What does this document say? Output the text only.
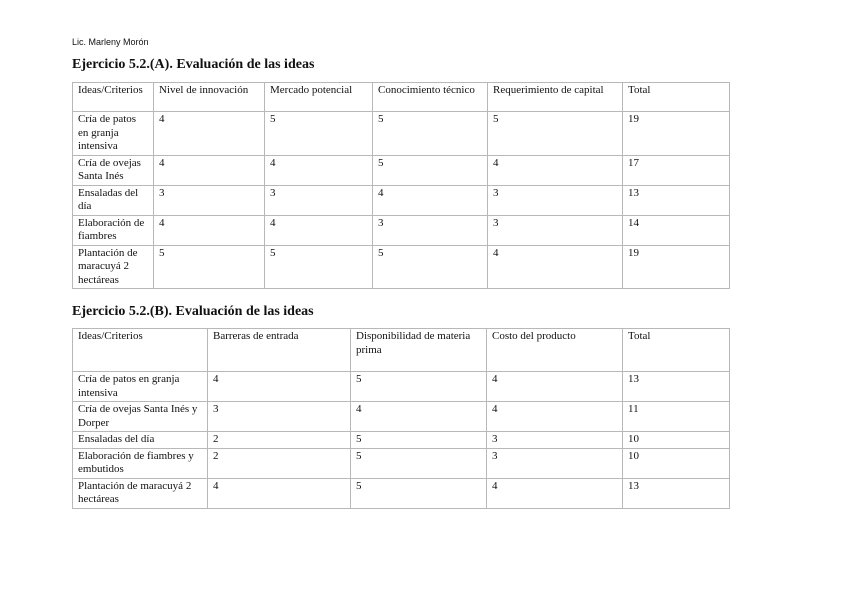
Lic. Marleny Morón
Ejercicio 5.2.(A). Evaluación de las ideas
Ideas/Criterios	Nivel de innovación	Mercado potencial	Conocimiento técnico	Requerimiento de capital	Total
Cría de patos en granja intensiva	4	5	5	5	19
Cría de ovejas Santa Inés	4	4	5	4	17
Ensaladas del día	3	3	4	3	13
Elaboración de fiambres	4	4	3	3	14
Plantación de maracuyá 2 hectáreas	5	5	5	4	19
Ejercicio 5.2.(B). Evaluación de las ideas
Ideas/Criterios	Barreras de entrada	Disponibilidad de materia prima	Costo del producto	Total
Cría de patos en granja intensiva	4	5	4	13
Cría de ovejas Santa Inés y Dorper	3	4	4	11
Ensaladas del día	2	5	3	10
Elaboración de fiambres y embutidos	2	5	3	10
Plantación de maracuyá 2 hectáreas	4	5	4	13
